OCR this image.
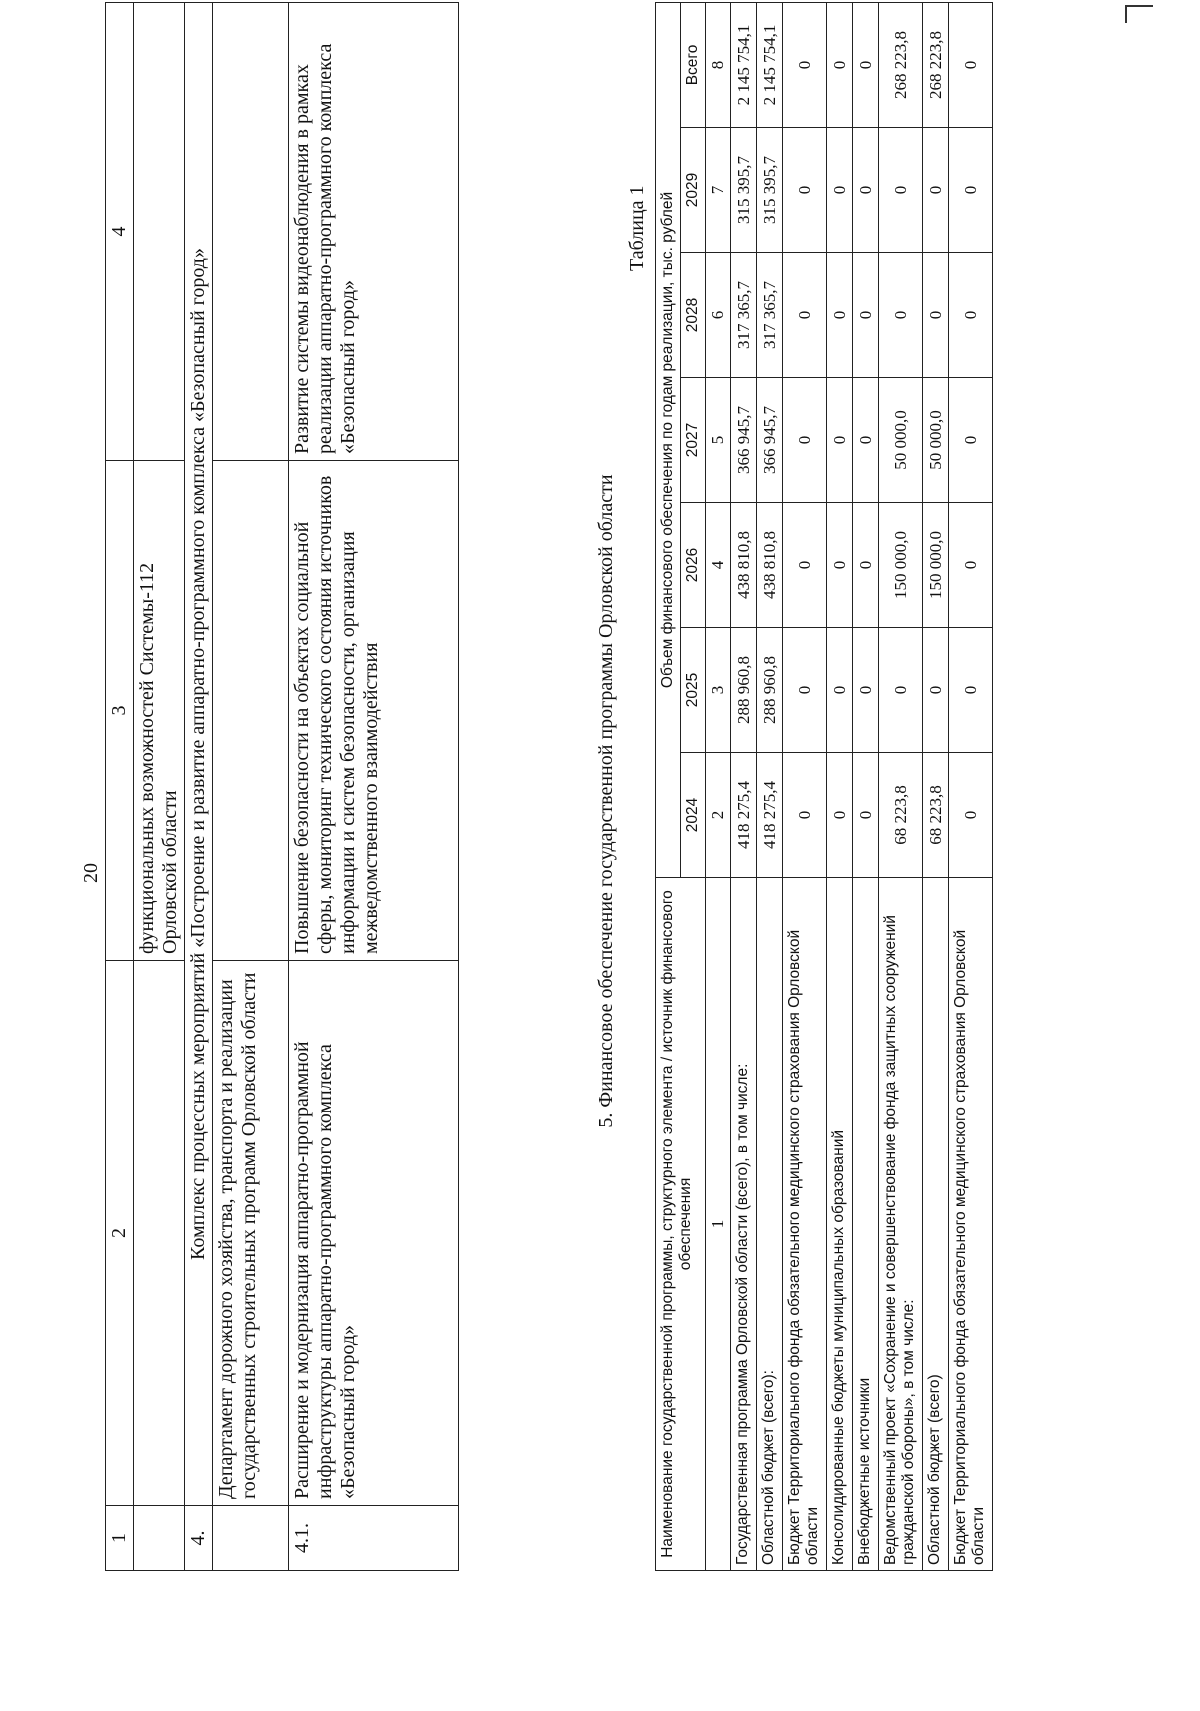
20
1	2	3	4
		функциональных возможностей Системы-112 Орловской области	
4.	Комплекс процессных мероприятий «Построение и развитие аппаратно-программного комплекса «Безопасный город»		
	Департамент дорожного хозяйства, транспорта и реализации государственных строительных программ Орловской области		
4.1.	Расширение и модернизация аппаратно-программной инфраструктуры аппаратно-программного комплекса «Безопасный город»	Повышение безопасности на объектах социальной сферы, мониторинг технического состояния источников информации и систем безопасности, организация межведомственного взаимодействия	Развитие системы видеонаблюдения в рамках реализации аппаратно-программного комплекса «Безопасный город»
5. Финансовое обеспечение государственной программы Орловской области
Таблица 1
Наименование государственной программы, структурного элемента / источник финансового обеспечения	Объем финансового обеспечения по годам реализации, тыс. рублей						
	2024	2025	2026	2027	2028	2029	Всего
1	2	3	4	5	6	7	8
Государственная программа Орловской области (всего), в том числе:	418 275,4	288 960,8	438 810,8	366 945,7	317 365,7	315 395,7	2 145 754,1
Областной бюджет (всего):	418 275,4	288 960,8	438 810,8	366 945,7	317 365,7	315 395,7	2 145 754,1
Бюджет Территориального фонда обязательного медицинского страхования Орловской области	0	0	0	0	0	0	0
Консолидированные бюджеты муниципальных образований	0	0	0	0	0	0	0
Внебюджетные источники	0	0	0	0	0	0	0
Ведомственный проект «Сохранение и совершенствование фонда защитных сооружений гражданской обороны», в том числе:	68 223,8	0	150 000,0	50 000,0	0	0	268 223,8
Областной бюджет (всего)	68 223,8	0	150 000,0	50 000,0	0	0	268 223,8
Бюджет Территориального фонда обязательного медицинского страхования Орловской области	0	0	0	0	0	0	0
